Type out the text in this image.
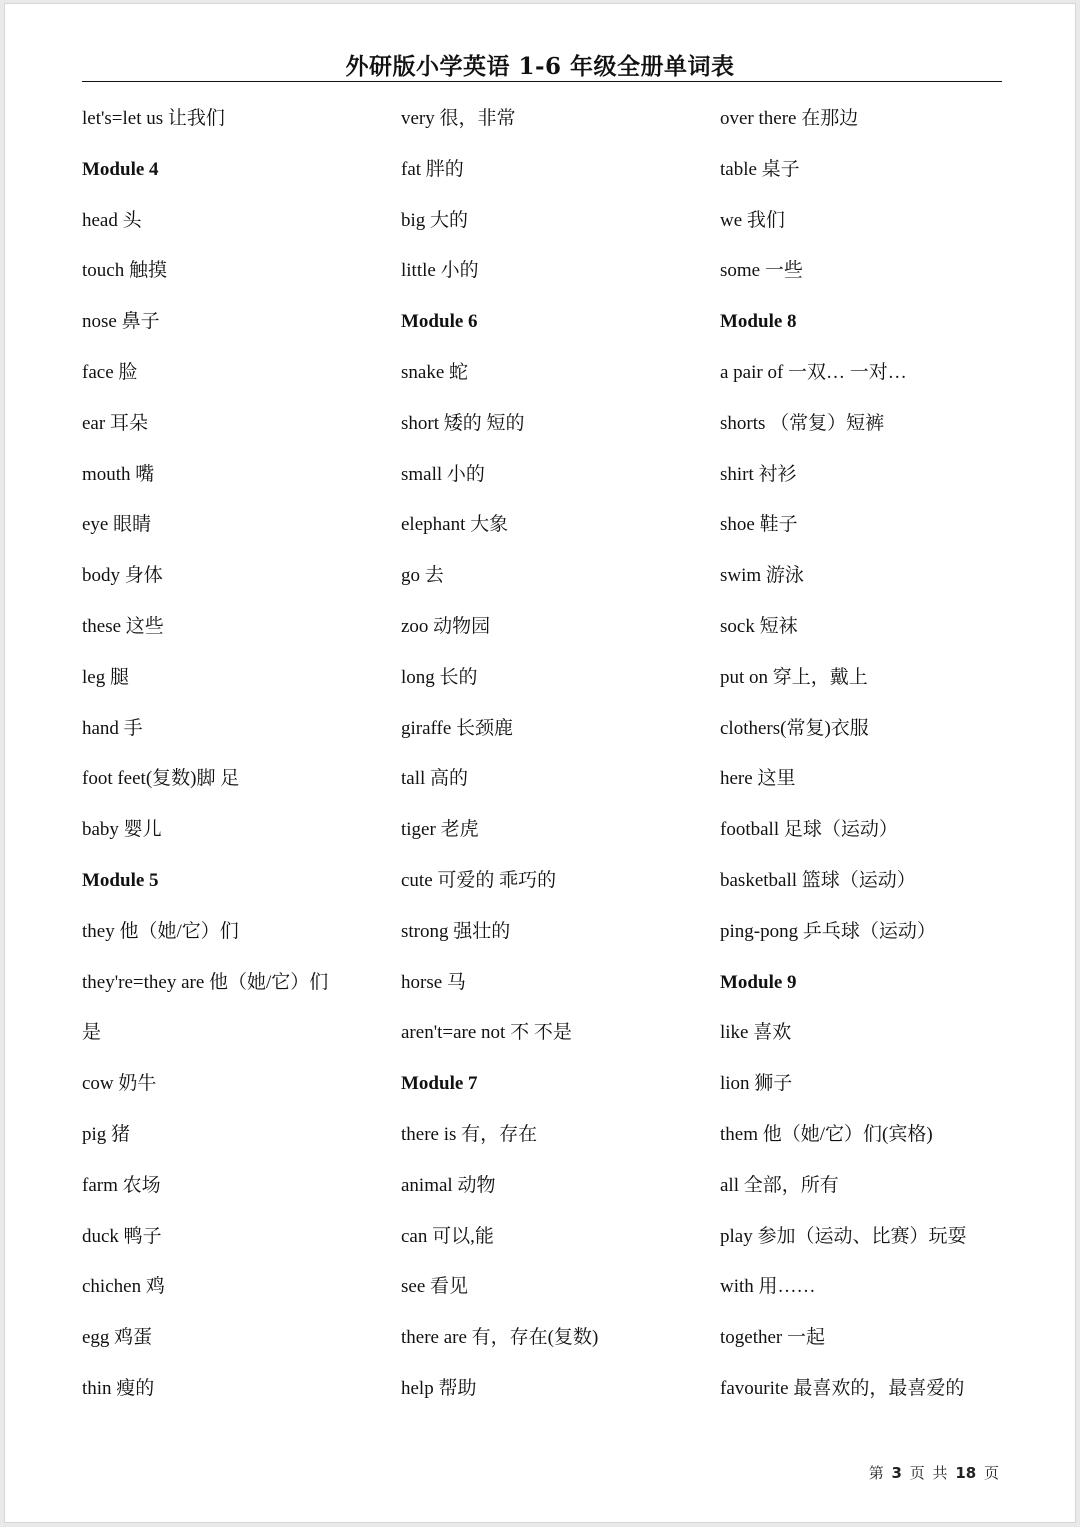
外研版小学英语 1-6 年级全册单词表
let's=let us 让我们
Module 4
head 头
touch 触摸
nose 鼻子
face 脸
ear 耳朵
mouth 嘴
eye 眼睛
body 身体
these 这些
leg 腿
hand 手
foot feet(复数)脚 足
baby 婴儿
Module 5
they 他（她/它）们
they're=they are 他（她/它）们
是
cow 奶牛
pig 猪
farm 农场
duck 鸭子
chichen 鸡
egg 鸡蛋
thin 瘦的
very 很，非常
fat 胖的
big 大的
little 小的
Module 6
snake 蛇
short 矮的 短的
small 小的
elephant 大象
go 去
zoo 动物园
long 长的
giraffe 长颈鹿
tall 高的
tiger 老虎
cute 可爱的 乖巧的
strong 强壮的
horse 马
aren't=are not 不 不是
Module 7
there is 有，存在
animal 动物
can 可以,能
see 看见
there are 有，存在(复数)
help 帮助
over there 在那边
table 桌子
we 我们
some 一些
Module 8
a pair of 一双… 一对…
shorts （常复）短裤
shirt 衬衫
shoe 鞋子
swim 游泳
sock 短袜
put on 穿上，戴上
clothers(常复)衣服
here 这里
football 足球（运动）
basketball 篮球（运动）
ping-pong 乒乓球（运动）
Module 9
like 喜欢
lion 狮子
them 他（她/它）们(宾格)
all 全部，所有
play 参加（运动、比赛）玩耍
with 用……
together 一起
favourite 最喜欢的，最喜爱的
第 3 页 共 18 页
